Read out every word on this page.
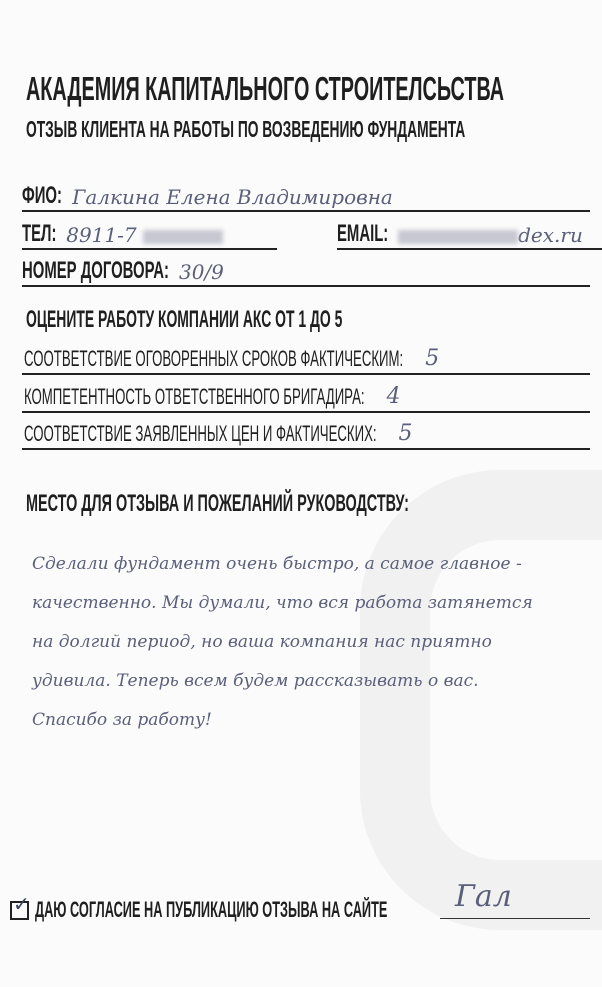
АКАДЕМИЯ КАПИТАЛЬНОГО СТРОИТЕЛСЬСТВА
ОТЗЫВ КЛИЕНТА НА РАБОТЫ ПО ВОЗВЕДЕНИЮ ФУНДАМЕНТА
ФИО: Галкина Елена Владимировна
ТЕЛ: 8911-7	EMAIL:	dex.ru
НОМЕР ДОГОВОРА: 30/9
ОЦЕНИТЕ РАБОТУ КОМПАНИИ АКС ОТ 1 ДО 5
СООТВЕТСТВИЕ ОГОВОРЕННЫХ СРОКОВ ФАКТИЧЕСКИМ: 5
КОМПЕТЕНТНОСТЬ ОТВЕТСТВЕННОГО БРИГАДИРА: 4
СООТВЕТСТВИЕ ЗАЯВЛЕННЫХ ЦЕН И ФАКТИЧЕСКИХ: 5
МЕСТО ДЛЯ ОТЗЫВА И ПОЖЕЛАНИЙ РУКОВОДСТВУ:
Сделали фундамент очень быстро, а самое главное -
качественно. Мы думали, что вся работа затянется
на долгий период, но ваша компания нас приятно
удивила. Теперь всем будем рассказывать о вас.
Спасибо за работу!
✓ ДАЮ СОГЛАСИЕ НА ПУБЛИКАЦИЮ ОТЗЫВА НА САЙТЕ Гал
